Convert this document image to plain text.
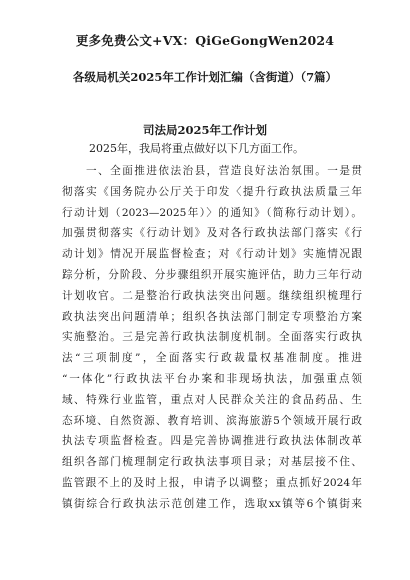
更多免费公文+VX：QiGeGongWen2024
各级局机关2025年工作计划汇编（含街道）（7篇）
司法局2025年工作计划
2025年，我局将重点做好以下几方面工作。
一、全面推进依法治县，营造良好法治氛围。一是贯
彻落实《国务院办公厅关于印发〈提升行政执法质量三年
行动计划（2023—2025年）〉的通知》（简称行动计划）。
加强贯彻落实《行动计划》及对各行政执法部门落实《行
动计划》情况开展监督检查；对《行动计划》实施情况跟
踪分析，分阶段、分步骤组织开展实施评估，助力三年行动
计划收官。二是整治行政执法突出问题。继续组织梳理行
政执法突出问题清单；组织各执法部门制定专项整治方案
实施整治。三是完善行政执法制度机制。全面落实行政执
法“三项制度”，全面落实行政裁量权基准制度。推进
“一体化”行政执法平台办案和非现场执法，加强重点领
域、特殊行业监管，重点对人民群众关注的食品药品、生
态环境、自然资源、教育培训、滨海旅游5个领域开展行政
执法专项监督检查。四是完善协调推进行政执法体制改革
组织各部门梳理制定行政执法事项目录；对基层接不住、
监管跟不上的及时上报，申请予以调整；重点抓好2024年
镇街综合行政执法示范创建工作，选取xx镇等6个镇街来
